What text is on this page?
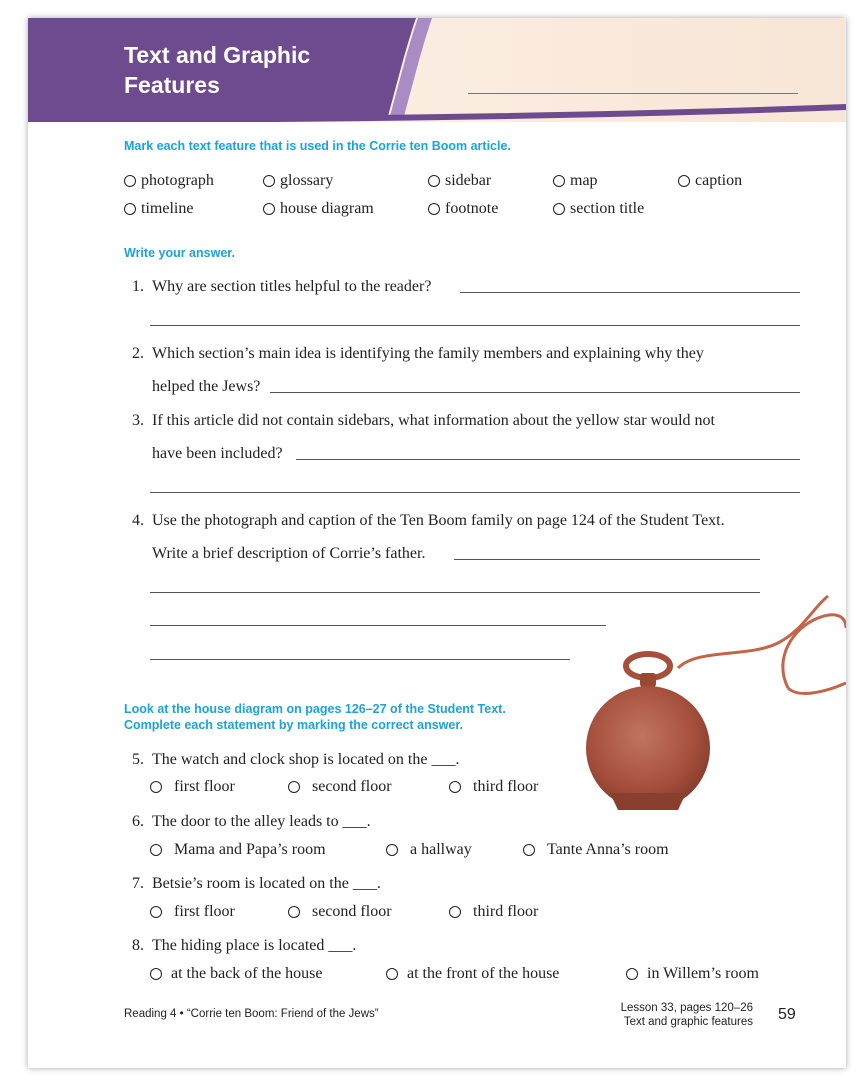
Text and Graphic
Features
Mark each text feature that is used in the Corrie ten Boom article.
photograph	glossary	sidebar	map	caption
timeline	house diagram	footnote	section title
Write your answer.
1. Why are section titles helpful to the reader?
2. Which section’s main idea is identifying the family members and explaining why they
helped the Jews?
3. If this article did not contain sidebars, what information about the yellow star would not
have been included?
4. Use the photograph and caption of the Ten Boom family on page 124 of the Student Text.
Write a brief description of Corrie’s father.
Look at the house diagram on pages 126–27 of the Student Text.
Complete each statement by marking the correct answer.
5. The watch and clock shop is located on the ___.
first floor	second floor	third floor
6. The door to the alley leads to ___.
Mama and Papa’s room	a hallway	Tante Anna’s room
7. Betsie’s room is located on the ___.
first floor	second floor	third floor
8. The hiding place is located ___.
at the back of the house	at the front of the house	in Willem’s room
Reading 4 • “Corrie ten Boom: Friend of the Jews”	Lesson 33, pages 120–26
Text and graphic features 59
